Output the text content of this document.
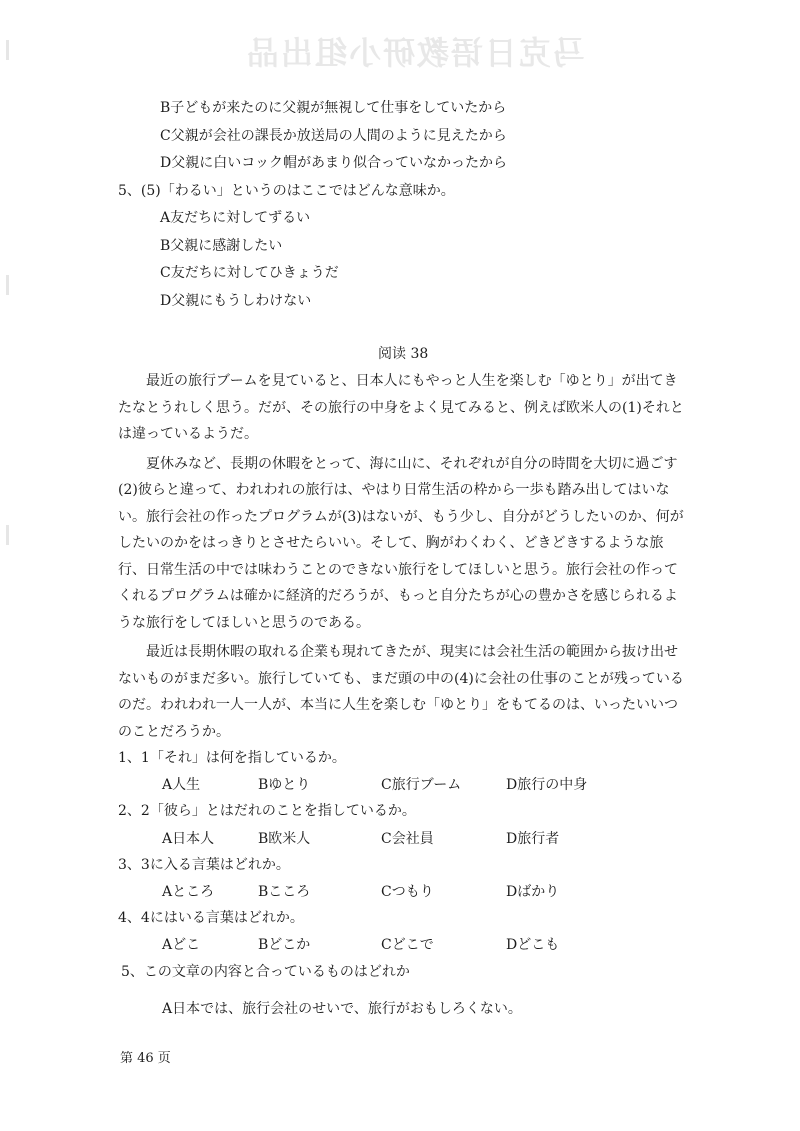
马克日语教研小组出品
B子どもが来たのに父親が無視して仕事をしていたから
C父親が会社の課長か放送局の人間のように見えたから
D父親に白いコック帽があまり似合っていなかったから
5、(5)「わるい」というのはここではどんな意味か。
A友だちに対してずるい
B父親に感謝したい
C友だちに対してひきょうだ
D父親にもうしわけない
阅读 38

最近の旅行ブームを見ていると、日本人にもやっと人生を楽しむ「ゆとり」が出てきたなとうれしく思う。だが、その旅行の中身をよく見てみると、例えば欧米人の(1)それとは違っているようだ。

夏休みなど、長期の休暇をとって、海に山に、それぞれが自分の時間を大切に過ごす(2)彼らと違って、われわれの旅行は、やはり日常生活の枠から一歩も踏み出してはいない。旅行会社の作ったプログラムが(3)はないが、もう少し、自分がどうしたいのか、何がしたいのかをはっきりとさせたらいい。そして、胸がわくわく、どきどきするような旅行、日常生活の中では味わうことのできない旅行をしてほしいと思う。旅行会社の作ってくれるプログラムは確かに経済的だろうが、もっと自分たちが心の豊かさを感じられるような旅行をしてほしいと思うのである。

最近は長期休暇の取れる企業も現れてきたが、現実には会社生活の範囲から抜け出せないものがまだ多い。旅行していても、まだ頭の中の(4)に会社の仕事のことが残っているのだ。われわれ一人一人が、本当に人生を楽しむ「ゆとり」をもてるのは、いったいいつのことだろうか。

1、1「それ」は何を指しているか。
A人生	Bゆとり	C旅行ブーム	D旅行の中身
2、2「彼ら」とはだれのことを指しているか。
A日本人	B欧米人	C会社員	D旅行者
3、3に入る言葉はどれか。
Aところ	Bこころ	Cつもり	Dばかり
4、4にはいる言葉はどれか。
Aどこ	Bどこか	Cどこで	Dどこも
5、この文章の内容と合っているものはどれか
A日本では、旅行会社のせいで、旅行がおもしろくない。
第 46 页
